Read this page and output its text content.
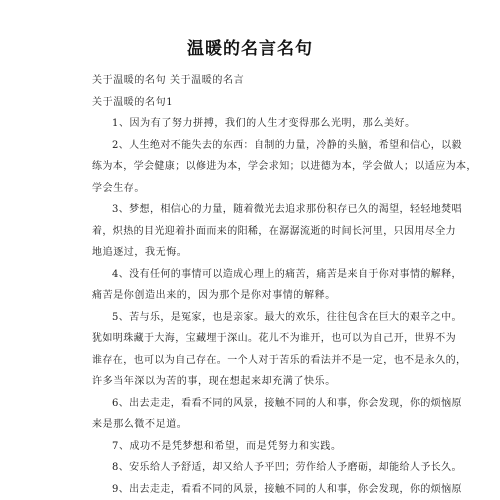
温暖的名言名句
关于温暖的名句 关于温暖的名言
关于温暖的名句1
1、因为有了努力拼搏，我们的人生才变得那么光明，那么美好。
2、人生绝对不能失去的东西：自制的力量，冷静的头脑，希望和信心，以毅
练为本，学会健康；以修进为本，学会求知；以进德为本，学会做人；以适应为本，
学会生存。
3、梦想，相信心的力量，随着微光去追求那份积存已久的渴望，轻轻地焚唱
着，炽热的目光迎着扑面而来的阳稀，在潺潺流逝的时间长河里，只因用尽全力
地追逐过，我无悔。
4、没有任何的事情可以造成心理上的痛苦，痛苦是来自于你对事情的解释，
痛苦是你创造出来的，因为那个是你对事情的解释。
5、苦与乐，是冤家，也是亲家。最大的欢乐，往往包含在巨大的艰辛之中。
犹如明珠藏于大海，宝藏埋于深山。花儿不为谁开，也可以为自己开，世界不为
谁存在，也可以为自己存在。一个人对于苦乐的看法并不是一定，也不是永久的，
许多当年深以为苦的事，现在想起来却充满了快乐。
6、出去走走，看看不同的风景，接触不同的人和事，你会发现，你的烦恼原
来是那么微不足道。
7、成功不是凭梦想和希望，而是凭努力和实践。
8、安乐给人予舒适，却又给人予平凹；劳作给人予磨砺，却能给人予长久。
9、出去走走，看看不同的风景，接触不同的人和事，你会发现，你的烦恼原
